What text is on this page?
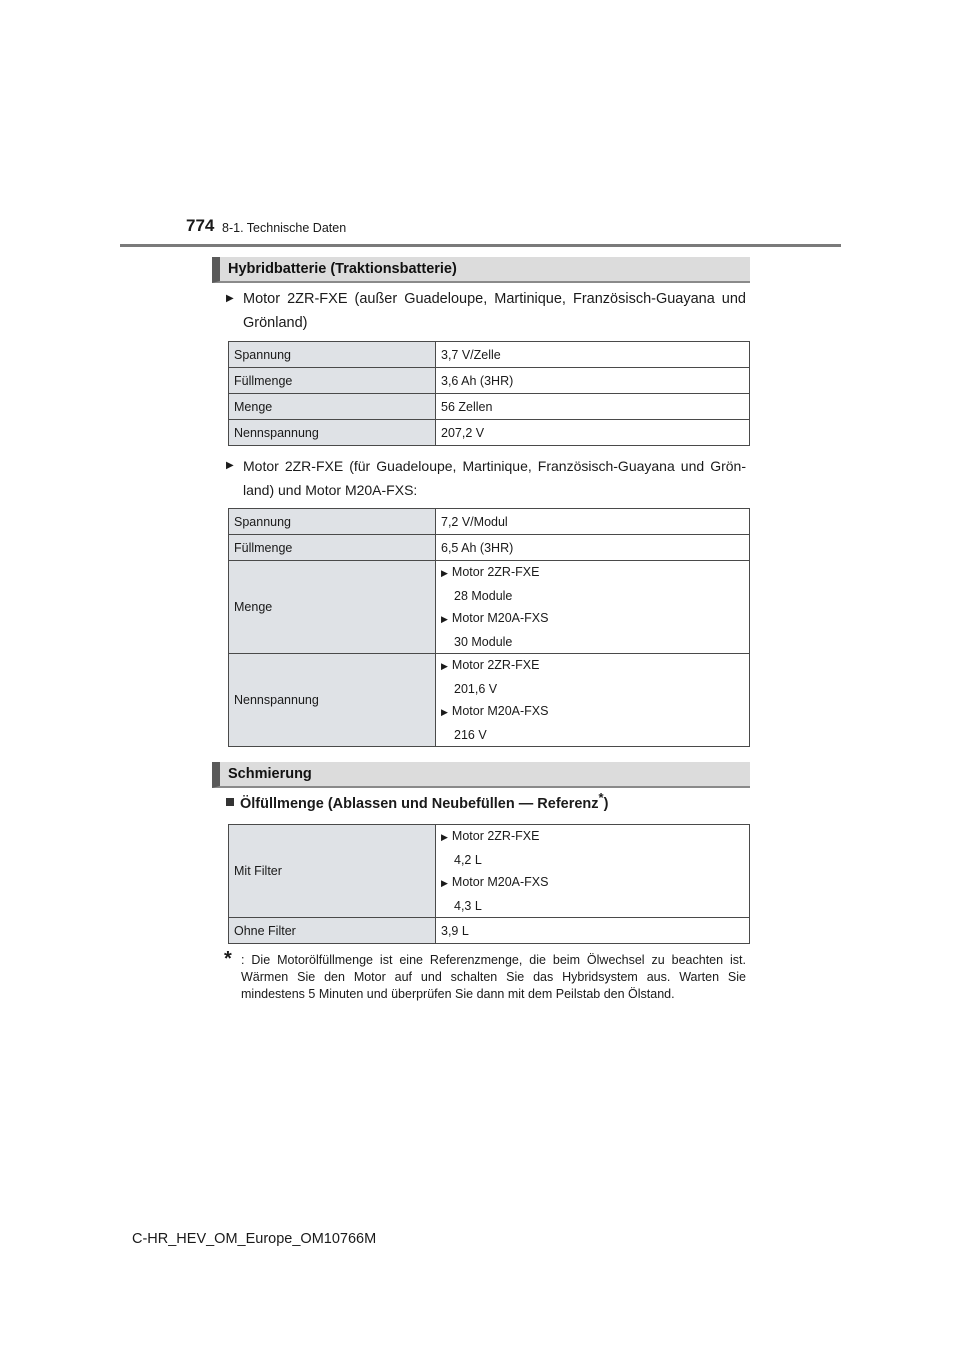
774 8-1. Technische Daten
Hybridbatterie (Traktionsbatterie)
▶ Motor 2ZR-FXE (außer Guadeloupe, Martinique, Französisch-Guayana und Grönland)
Spannung	3,7 V/Zelle
Füllmenge	3,6 Ah (3HR)
Menge	56 Zellen
Nennspannung	207,2 V
▶ Motor 2ZR-FXE (für Guadeloupe, Martinique, Französisch-Guayana und Grön-land) und Motor M20A-FXS:
Spannung	7,2 V/Modul
Füllmenge	6,5 Ah (3HR)
Menge	▶ Motor 2ZR-FXE
28 Module
▶ Motor M20A-FXS
30 Module

Nennspannung	▶ Motor 2ZR-FXE
201,6 V
▶ Motor M20A-FXS
216 V
Schmierung
Ölfüllmenge (Ablassen und Neubefüllen — Referenz*)
Mit Filter	▶ Motor 2ZR-FXE
4,2 L
▶ Motor M20A-FXS
4,3 L

Ohne Filter	3,9 L
* : Die Motorölfüllmenge ist eine Referenzmenge, die beim Ölwechsel zu beachten ist. Wärmen Sie den Motor auf und schalten Sie das Hybridsystem aus. Warten Sie mindestens 5 Minuten und überprüfen Sie dann mit dem Peilstab den Ölstand.
C-HR_HEV_OM_Europe_OM10766M
